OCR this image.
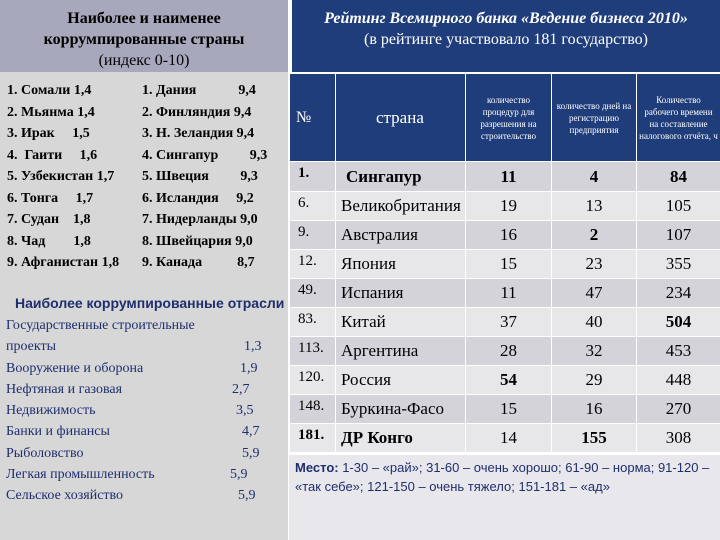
Наиболее и наименее
коррумпированные страны
(индекс 0-10)
1. Сомали 1,4
2. Мьянма 1,4
3. Ирак     1,5
4.  Гаити     1,6
5. Узбекистан 1,7
6. Тонга     1,7
7. Судан    1,8
8. Чад        1,8
9. Афганистан 1,8
1. Дания            9,4
2. Финляндия 9,4
3. Н. Зеландия 9,4
4. Сингапур         9,3
5. Швеция         9,3
6. Исландия     9,2
7. Нидерланды 9,0
8. Швейцария 9,0
9. Канада          8,7
Наиболее коррумпированные отрасли
Государственные строительные
проекты	1,3
Вооружение и оборона	1,9
Нефтяная и газовая	2,7
Недвижимость	3,5
Банки и финансы	4,7
Рыболовство	5,9
Легкая промышленность	5,9
Сельское хозяйство	5,9
Рейтинг Всемирного банка «Ведение бизнеса 2010»
(в рейтинге участвовало 181 государство)
№	страна	количество процедур для разрешения на строительство	количество дней на регистрацию предприятия	Количество рабочего времени на составление налогового отчёта, ч
1.	Сингапур	11	4	84
6.	Великобритания	19	13	105
9.	Австралия	16	2	107
12.	Япония	15	23	355
49.	Испания	11	47	234
83.	Китай	37	40	504
113.	Аргентина	28	32	453
120.	Россия	54	29	448
148.	Буркина-Фасо	15	16	270
181.	ДР Конго	14	155	308
Место: 1-30 – «рай»; 31-60 – очень хорошо; 61-90 – норма; 91-120 – «так себе»; 121-150 – очень тяжело; 151-181 – «ад»
